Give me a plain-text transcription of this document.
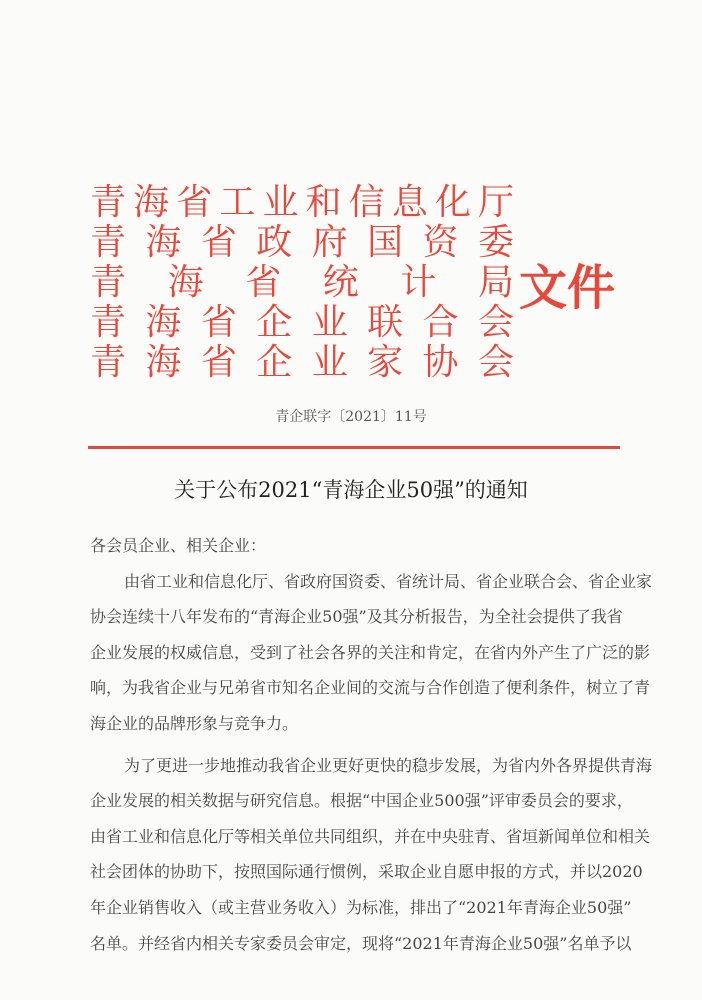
青 海 省 工 业 和 信 息 化 厅
青 海 省 政 府 国 资 委
青 海 省 统 计 局
青 海 省 企 业 联 合 会
青 海 省 企 业 家 协 会
文件
青企联字〔2021〕11号
关于公布2021“青海企业50强”的通知
各会员企业、相关企业：
由省工业和信息化厅、省政府国资委、省统计局、省企业联合会、省企业家
协会连续十八年发布的“青海企业50强”及其分析报告，为全社会提供了我省
企业发展的权威信息，受到了社会各界的关注和肯定，在省内外产生了广泛的影
响，为我省企业与兄弟省市知名企业间的交流与合作创造了便利条件，树立了青
海企业的品牌形象与竞争力。
为了更进一步地推动我省企业更好更快的稳步发展，为省内外各界提供青海
企业发展的相关数据与研究信息。根据“中国企业500强”评审委员会的要求，
由省工业和信息化厅等相关单位共同组织，并在中央驻青、省垣新闻单位和相关
社会团体的协助下，按照国际通行惯例，采取企业自愿申报的方式，并以2020
年企业销售收入（或主营业务收入）为标准，排出了“2021年青海企业50强”
名单。并经省内相关专家委员会审定，现将“2021年青海企业50强”名单予以
